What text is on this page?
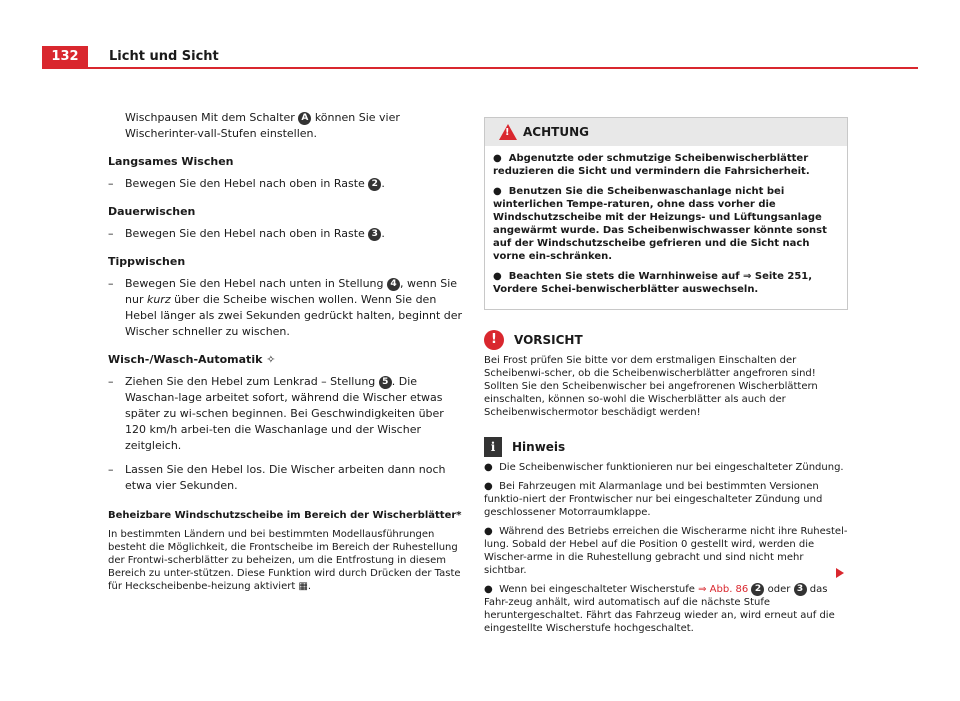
132	Licht und Sicht
Wischpausen Mit dem Schalter A können Sie vier Wischerinter-vall-Stufen einstellen.
Langsames Wischen
– Bewegen Sie den Hebel nach oben in Raste 2 .
Dauerwischen
– Bewegen Sie den Hebel nach oben in Raste 3 .
Tippwischen
– Bewegen Sie den Hebel nach unten in Stellung 4 , wenn Sie nur kurz über die Scheibe wischen wollen. Wenn Sie den Hebel länger als zwei Sekunden gedrückt halten, beginnt der Wischer schneller zu wischen.
Wisch-/Wasch-Automatik ✧
– Ziehen Sie den Hebel zum Lenkrad – Stellung 5 . Die Waschan-lage arbeitet sofort, während die Wischer etwas später zu wi-schen beginnen. Bei Geschwindigkeiten über 120 km/h arbei-ten die Waschanlage und der Wischer zeitgleich.
– Lassen Sie den Hebel los. Die Wischer arbeiten dann noch etwa vier Sekunden.
Beheizbare Windschutzscheibe im Bereich der Wischerblätter*
In bestimmten Ländern und bei bestimmten Modellausführungen besteht die Möglichkeit, die Frontscheibe im Bereich der Ruhestellung der Frontwi-scherblätter zu beheizen, um die Entfrostung in diesem Bereich zu unter-stützen. Diese Funktion wird durch Drücken der Taste für Heckscheibenbe-heizung aktiviert ▦.
! ACHTUNG
●  Abgenutzte oder schmutzige Scheibenwischerblätter reduzieren die Sicht und vermindern die Fahrsicherheit.
●  Benutzen Sie die Scheibenwaschanlage nicht bei winterlichen Tempe-raturen, ohne dass vorher die Windschutzscheibe mit der Heizungs- und Lüftungsanlage angewärmt wurde. Das Scheibenwischwasser könnte sonst auf der Windschutzscheibe gefrieren und die Sicht nach vorne ein-schränken.
●  Beachten Sie stets die Warnhinweise auf ⇒ Seite 251, Vordere Schei-benwischerblätter auswechseln.
!	VORSICHT
Bei Frost prüfen Sie bitte vor dem erstmaligen Einschalten der Scheibenwi-scher, ob die Scheibenwischerblätter angefroren sind! Sollten Sie den Scheibenwischer bei angefrorenen Wischerblättern einschalten, können so-wohl die Wischerblätter als auch der Scheibenwischermotor beschädigt werden!
i	Hinweis
●  Die Scheibenwischer funktionieren nur bei eingeschalteter Zündung.
●  Bei Fahrzeugen mit Alarmanlage und bei bestimmten Versionen funktio-niert der Frontwischer nur bei eingeschalteter Zündung und geschlossener Motorraumklappe.
●  Während des Betriebs erreichen die Wischerarme nicht ihre Ruhestel-lung. Sobald der Hebel auf die Position 0 gestellt wird, werden die Wischer-arme in die Ruhestellung gebracht und sind nicht mehr sichtbar.
●  Wenn bei eingeschalteter Wischerstufe ⇒ Abb. 86 2 oder 3 das Fahr-zeug anhält, wird automatisch auf die nächste Stufe heruntergeschaltet. Fährt das Fahrzeug wieder an, wird erneut auf die eingestellte Wischerstufe hochgeschaltet.
